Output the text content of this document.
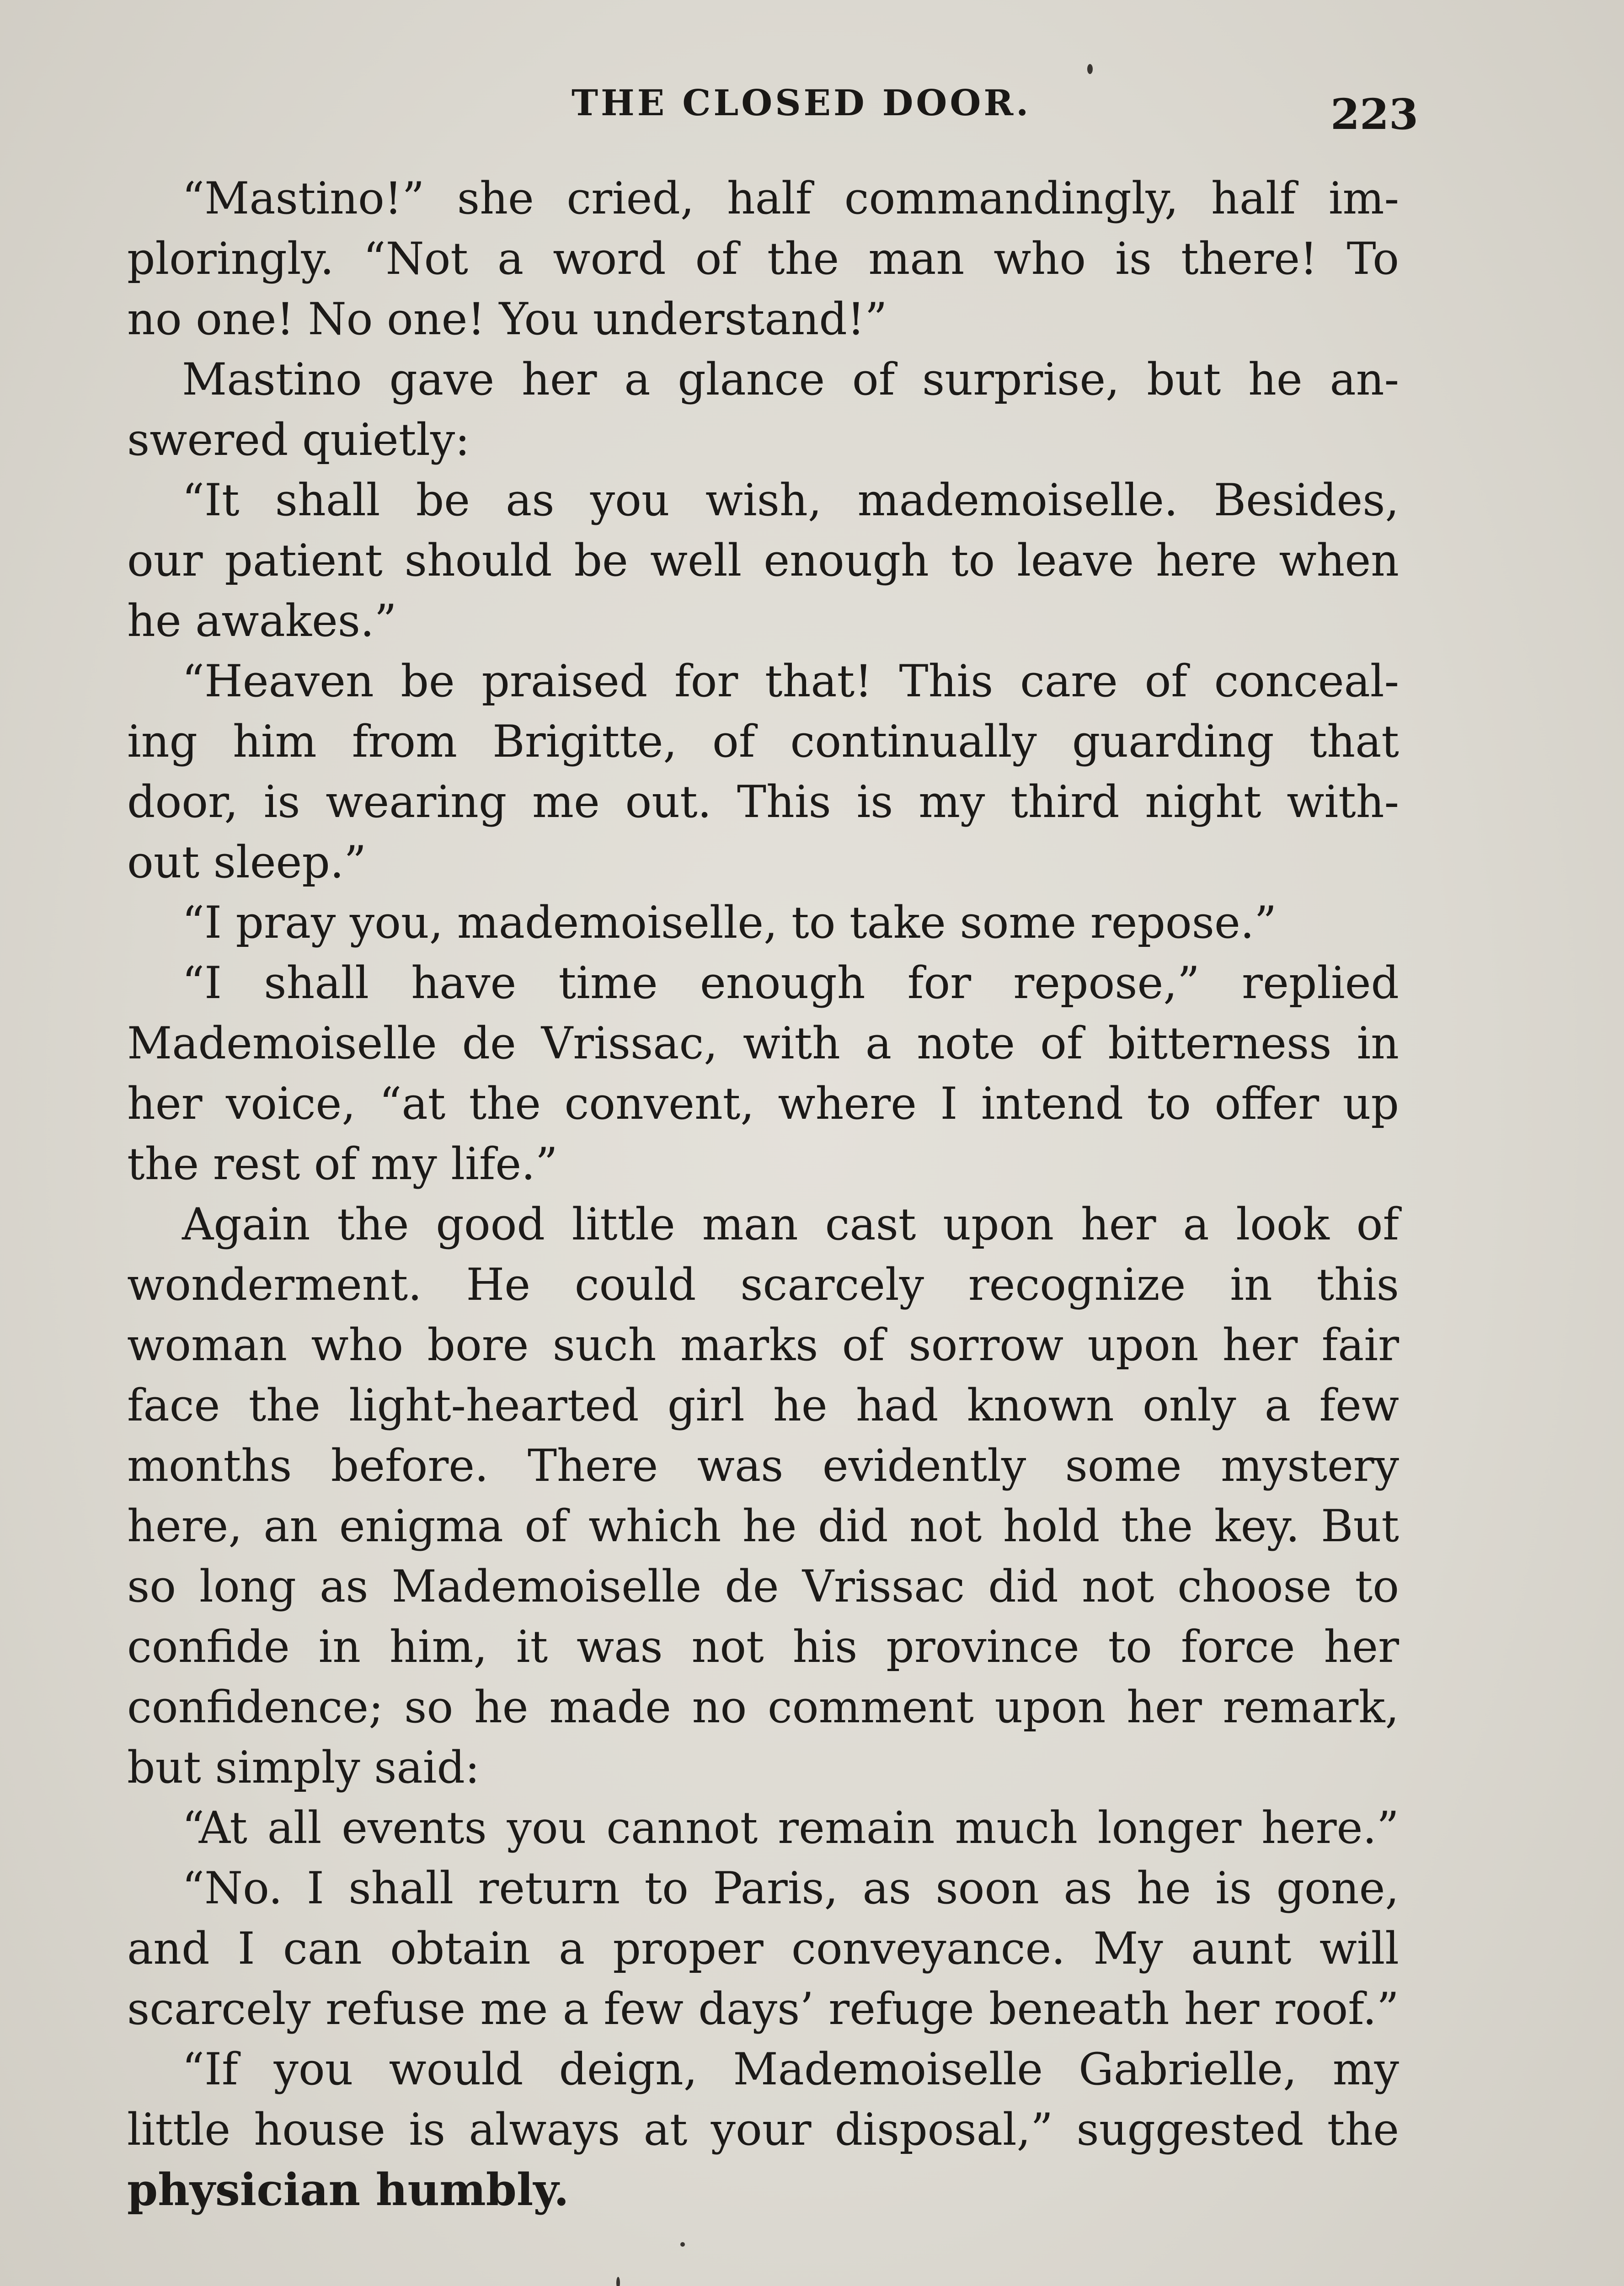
THE CLOSED DOOR.	223
“Mastino!” she cried, half commandingly, half im-
ploringly. “Not a word of the man who is there! To
no one! No one! You understand!”
Mastino gave her a glance of surprise, but he an-
swered quietly:
“It shall be as you wish, mademoiselle. Besides,
our patient should be well enough to leave here when
he awakes.”
“Heaven be praised for that! This care of conceal-
ing him from Brigitte, of continually guarding that
door, is wearing me out. This is my third night with-
out sleep.”
“I pray you, mademoiselle, to take some repose.”
“I shall have time enough for repose,” replied
Mademoiselle de Vrissac, with a note of bitterness in
her voice, “at the convent, where I intend to offer up
the rest of my life.”
Again the good little man cast upon her a look of
wonderment. He could scarcely recognize in this
woman who bore such marks of sorrow upon her fair
face the light-hearted girl he had known only a few
months before. There was evidently some mystery
here, an enigma of which he did not hold the key. But
so long as Mademoiselle de Vrissac did not choose to
confide in him, it was not his province to force her
confidence; so he made no comment upon her remark,
but simply said:
“At all events you cannot remain much longer here.”
“No. I shall return to Paris, as soon as he is gone,
and I can obtain a proper conveyance. My aunt will
scarcely refuse me a few days’ refuge beneath her roof.”
“If you would deign, Mademoiselle Gabrielle, my
little house is always at your disposal,” suggested the
physician humbly.
